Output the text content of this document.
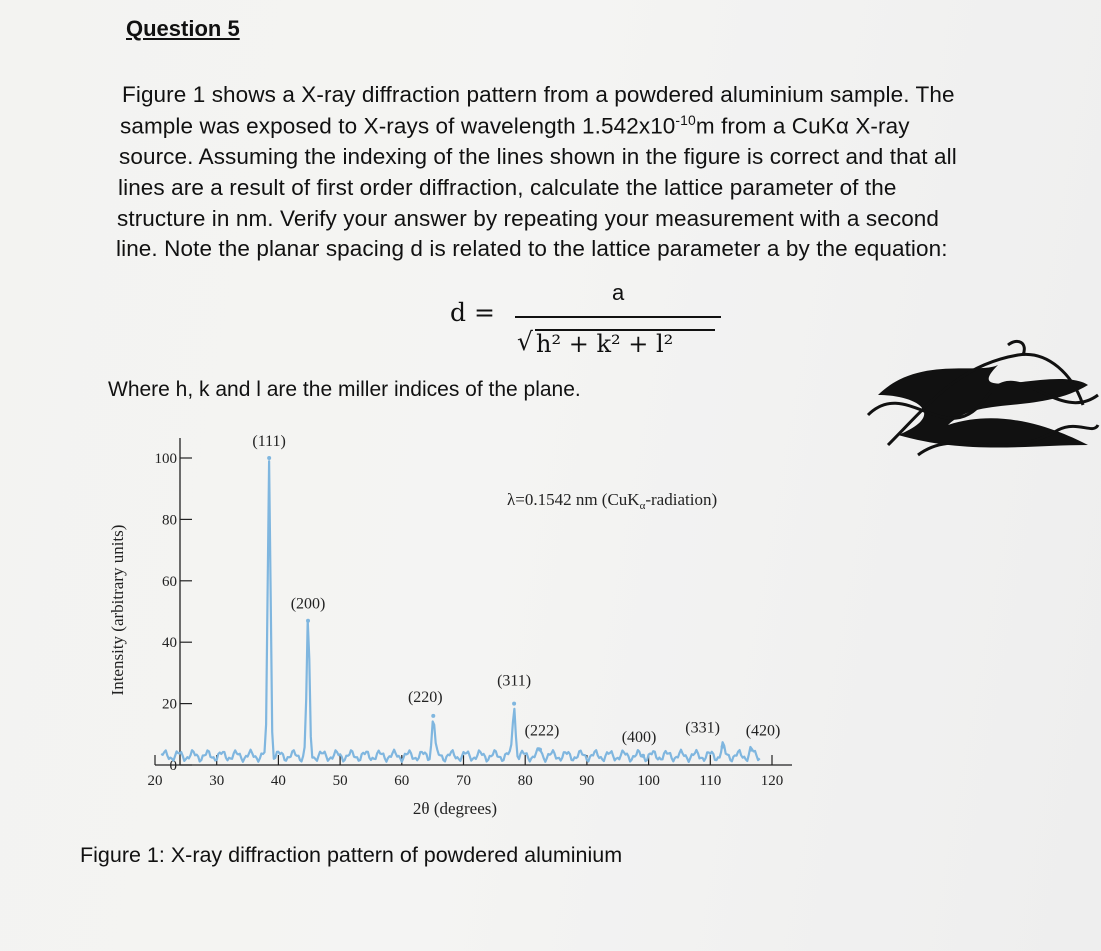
Question 5
Figure 1 shows a X-ray diffraction pattern from a powdered aluminium sample. The
sample was exposed to X-rays of wavelength $1.542x10^{-10}m$ from a CuKα X-ray
source. Assuming the indexing of the lines shown in the figure is correct and that all
lines are a result of first order diffraction, calculate the lattice parameter of the
structure in nm. Verify your answer by repeating your measurement with a second
line. Note the planar spacing d is related to the lattice parameter a by the equation:
d =
a
√ h² + k² + l²
Where h, k and l are the miller indices of the plane.
0
20
40
60
80
100
20	30	40	50	60	70	80	90	100	110	120
(111)
(200)
(220)
(311)
(222)	(400)
(331) (420)
Intensity (arbitrary units)
2θ (degrees)
λ=0.1542 nm (CuK$_\alpha$-radiation)
Figure 1: X-ray diffraction pattern of powdered aluminium
